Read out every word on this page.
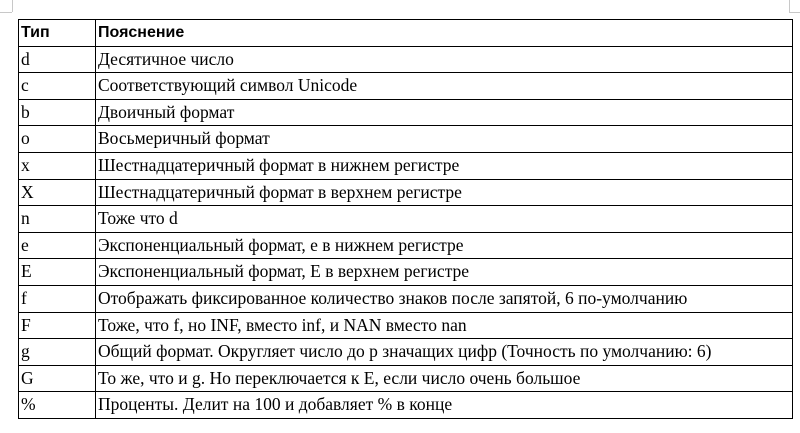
Тип	Пояснение
d	Десятичное число
c	Соответствующий символ Unicode
b	Двоичный формат
o	Восьмеричный формат
x	Шестнадцатеричный формат в нижнем регистре
X	Шестнадцатеричный формат в верхнем регистре
n	Тоже что d
e	Экспоненциальный формат, e в нижнем регистре
E	Экспоненциальный формат, E в верхнем регистре
f	Отображать фиксированное количество знаков после запятой, 6 по-умолчанию
F	Тоже, что f, но INF, вместо inf, и NAN вместо nan
g	Общий формат. Округляет число до p значащих цифр (Точность по умолчанию: 6)
G	То же, что и g. Но переключается к E, если число очень большое
%	Проценты. Делит на 100 и добавляет % в конце
